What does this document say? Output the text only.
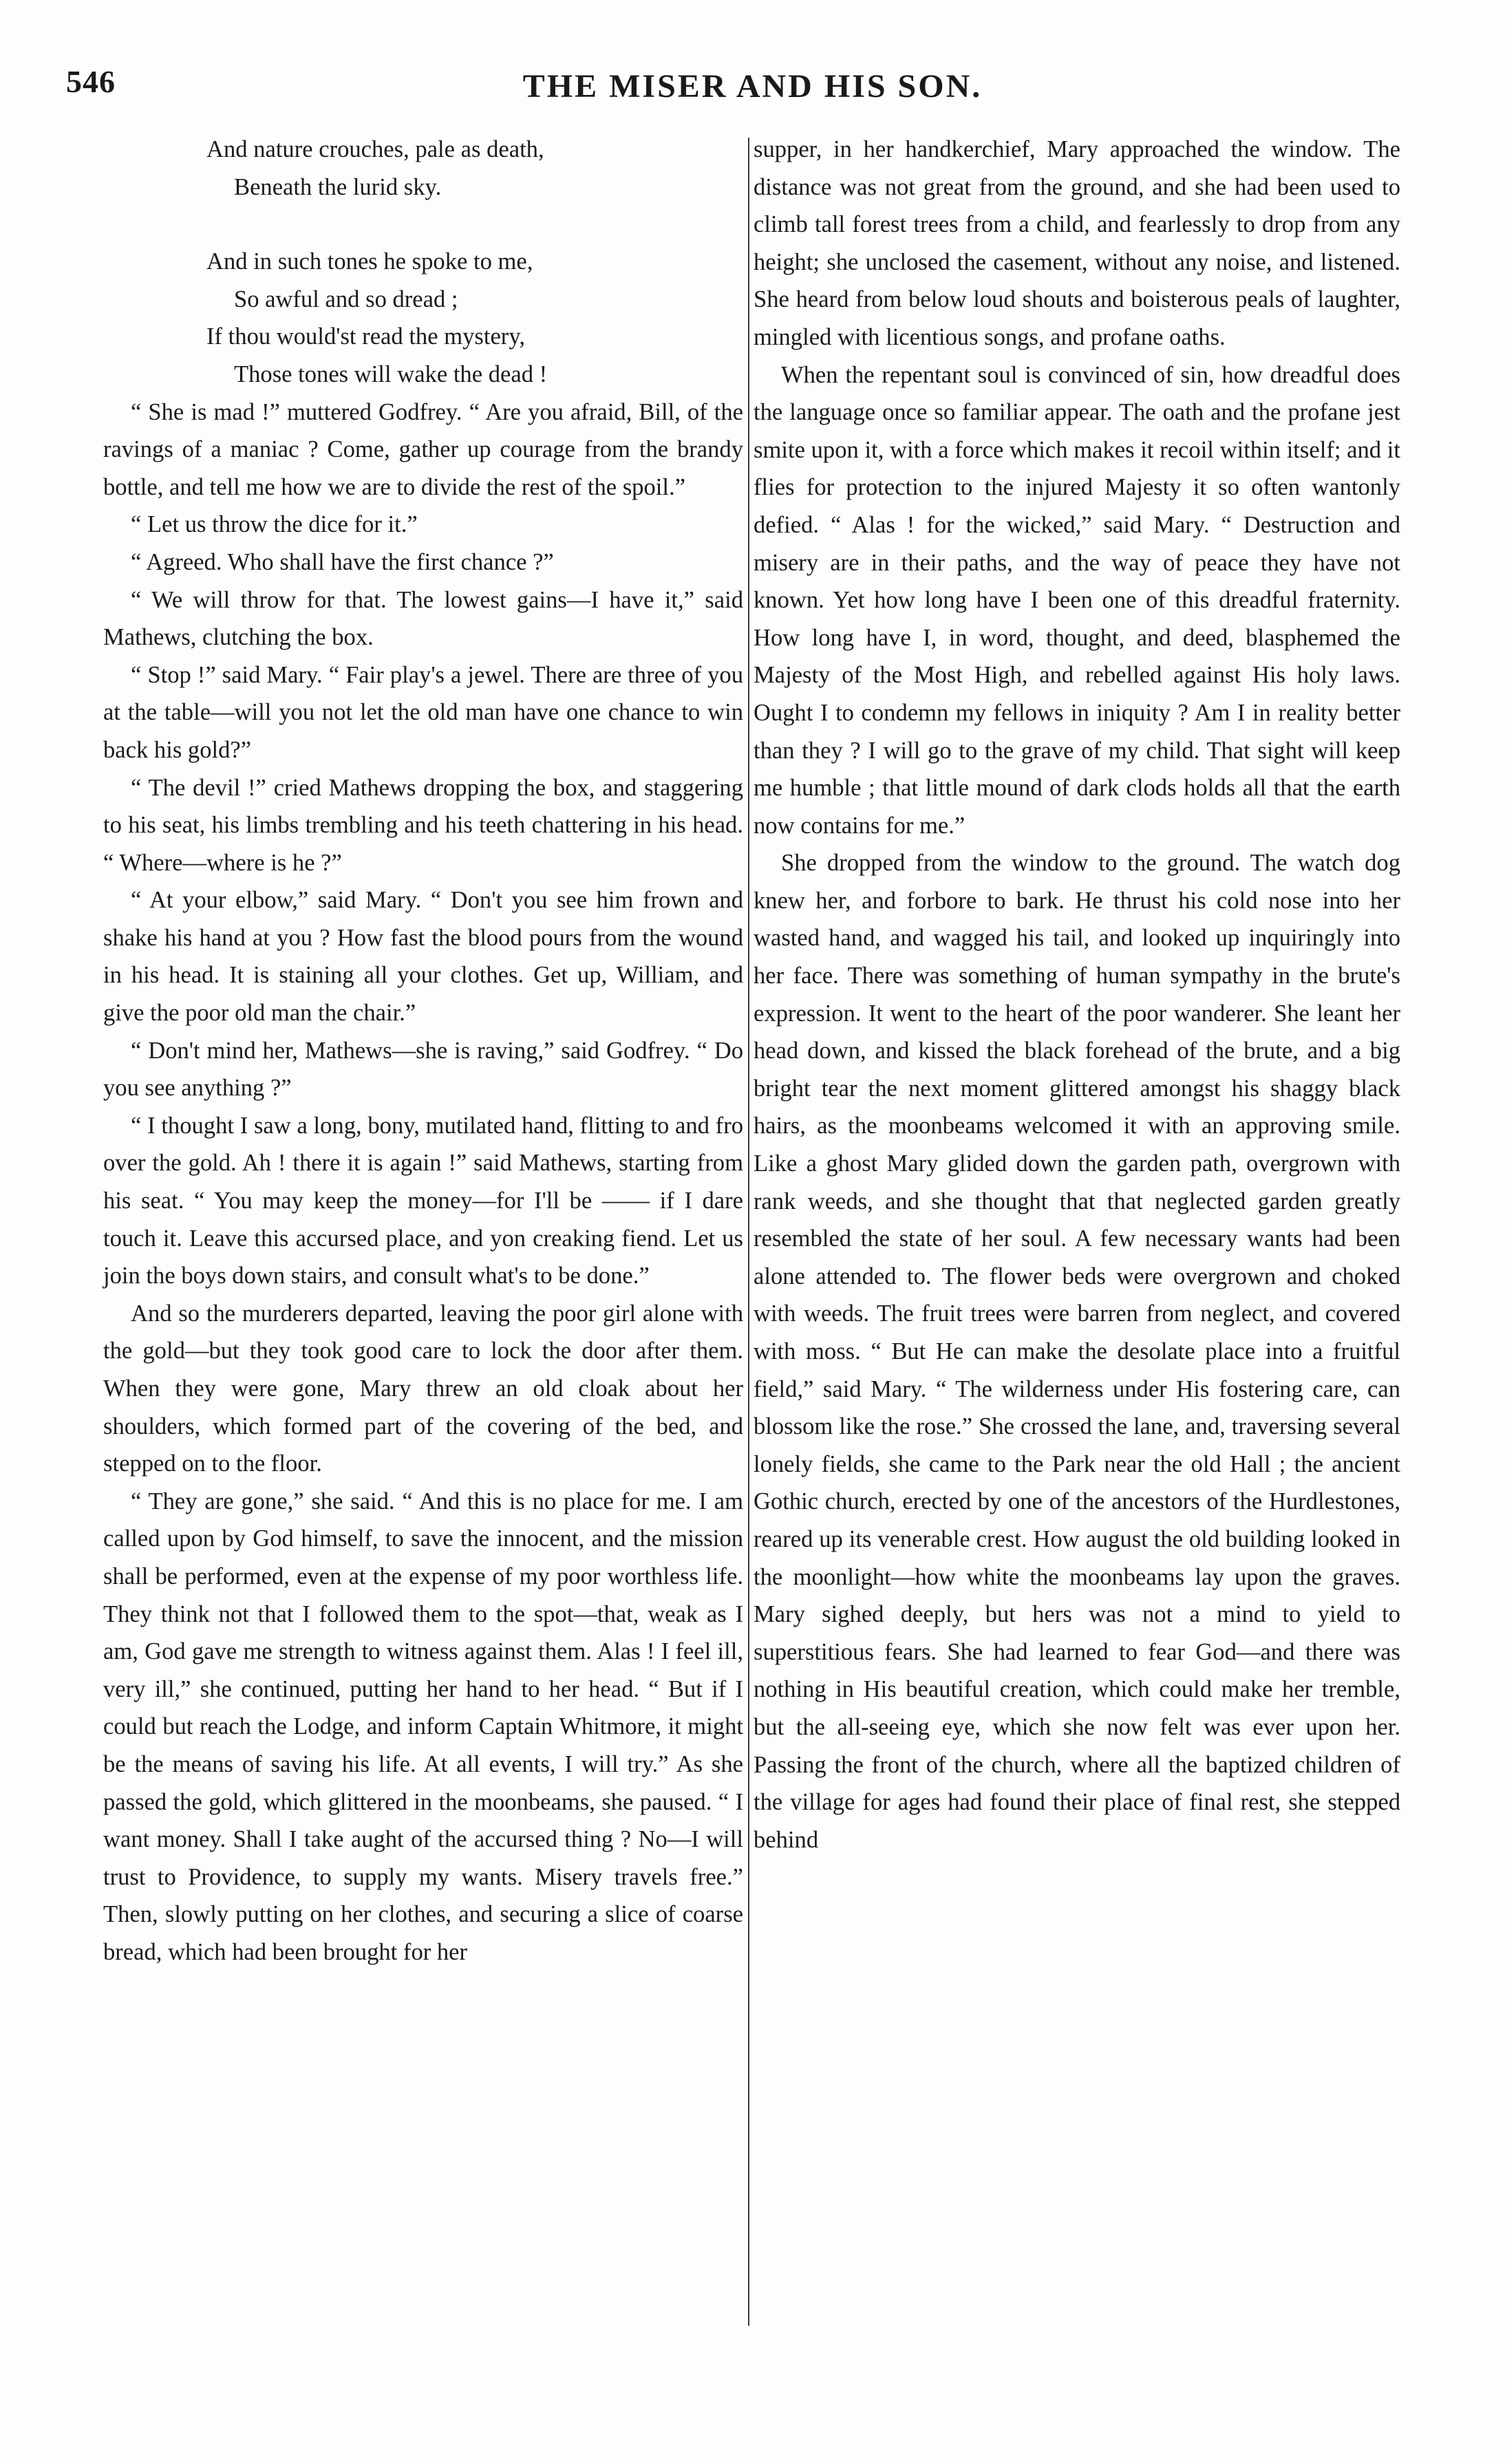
546	THE MISER AND HIS SON.
And nature crouches, pale as death,
Beneath the lurid sky.
And in such tones he spoke to me,
So awful and so dread ;
If thou would'st read the mystery,
Those tones will wake the dead !

“ She is mad !” muttered Godfrey. “ Are you afraid, Bill, of the ravings of a maniac ? Come, gather up courage from the brandy bottle, and tell me how we are to divide the rest of the spoil.”

“ Let us throw the dice for it.”

“ Agreed. Who shall have the first chance ?”

“ We will throw for that. The lowest gains—I have it,” said Mathews, clutching the box.

“ Stop !” said Mary. “ Fair play's a jewel. There are three of you at the table—will you not let the old man have one chance to win back his gold?”

“ The devil !” cried Mathews dropping the box, and staggering to his seat, his limbs trembling and his teeth chattering in his head. “ Where—where is he ?”

“ At your elbow,” said Mary. “ Don't you see him frown and shake his hand at you ? How fast the blood pours from the wound in his head. It is staining all your clothes. Get up, William, and give the poor old man the chair.”

“ Don't mind her, Mathews—she is raving,” said Godfrey. “ Do you see anything ?”

“ I thought I saw a long, bony, mutilated hand, flitting to and fro over the gold. Ah ! there it is again !” said Mathews, starting from his seat. “ You may keep the money—for I'll be —— if I dare touch it. Leave this accursed place, and yon creaking fiend. Let us join the boys down stairs, and consult what's to be done.”

And so the murderers departed, leaving the poor girl alone with the gold—but they took good care to lock the door after them. When they were gone, Mary threw an old cloak about her shoulders, which formed part of the covering of the bed, and stepped on to the floor.

“ They are gone,” she said. “ And this is no place for me. I am called upon by God himself, to save the innocent, and the mission shall be performed, even at the expense of my poor worthless life. They think not that I followed them to the spot—that, weak as I am, God gave me strength to witness against them. Alas ! I feel ill, very ill,” she continued, putting her hand to her head. “ But if I could but reach the Lodge, and inform Captain Whitmore, it might be the means of saving his life. At all events, I will try.” As she passed the gold, which glittered in the moonbeams, she paused. “ I want money. Shall I take aught of the accursed thing ? No—I will trust to Providence, to supply my wants. Misery travels free.” Then, slowly putting on her clothes, and securing a slice of coarse bread, which had been brought for her

supper, in her handkerchief, Mary approached the window. The distance was not great from the ground, and she had been used to climb tall forest trees from a child, and fearlessly to drop from any height; she unclosed the casement, without any noise, and listened. She heard from below loud shouts and boisterous peals of laughter, mingled with licentious songs, and profane oaths.

When the repentant soul is convinced of sin, how dreadful does the language once so familiar appear. The oath and the profane jest smite upon it, with a force which makes it recoil within itself; and it flies for protection to the injured Majesty it so often wantonly defied. “ Alas ! for the wicked,” said Mary. “ Destruction and misery are in their paths, and the way of peace they have not known. Yet how long have I been one of this dreadful fraternity. How long have I, in word, thought, and deed, blasphemed the Majesty of the Most High, and rebelled against His holy laws. Ought I to condemn my fellows in iniquity ? Am I in reality better than they ? I will go to the grave of my child. That sight will keep me humble ; that little mound of dark clods holds all that the earth now contains for me.”

She dropped from the window to the ground. The watch dog knew her, and forbore to bark. He thrust his cold nose into her wasted hand, and wagged his tail, and looked up inquiringly into her face. There was something of human sympathy in the brute's expression. It went to the heart of the poor wanderer. She leant her head down, and kissed the black forehead of the brute, and a big bright tear the next moment glittered amongst his shaggy black hairs, as the moonbeams welcomed it with an approving smile. Like a ghost Mary glided down the garden path, overgrown with rank weeds, and she thought that that neglected garden greatly resembled the state of her soul. A few necessary wants had been alone attended to. The flower beds were overgrown and choked with weeds. The fruit trees were barren from neglect, and covered with moss. “ But He can make the desolate place into a fruitful field,” said Mary. “ The wilderness under His fostering care, can blossom like the rose.” She crossed the lane, and, traversing several lonely fields, she came to the Park near the old Hall ; the ancient Gothic church, erected by one of the ancestors of the Hurdlestones, reared up its venerable crest. How august the old building looked in the moonlight—how white the moonbeams lay upon the graves. Mary sighed deeply, but hers was not a mind to yield to superstitious fears. She had learned to fear God—and there was nothing in His beautiful creation, which could make her tremble, but the all-seeing eye, which she now felt was ever upon her. Passing the front of the church, where all the baptized children of the village for ages had found their place of final rest, she stepped behind
